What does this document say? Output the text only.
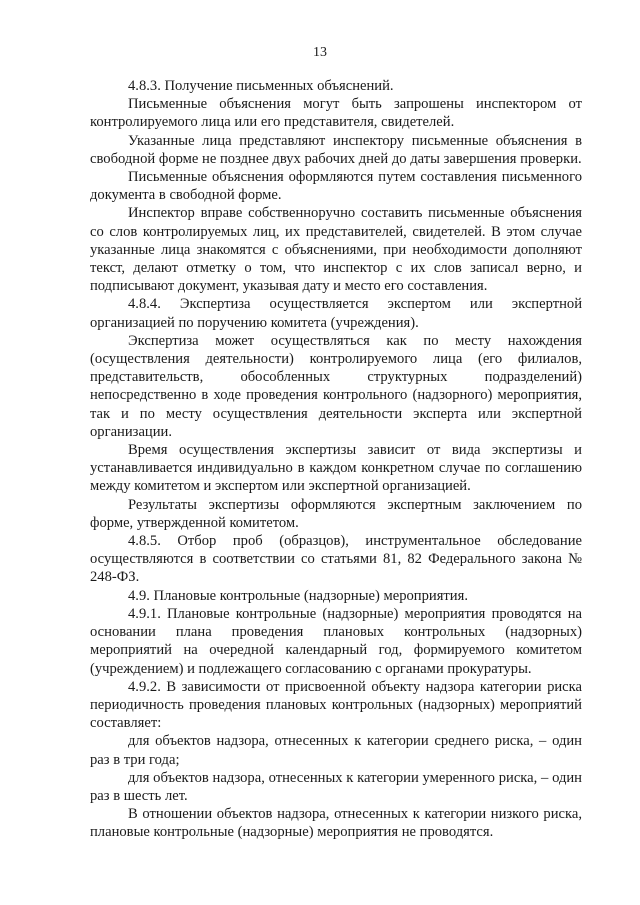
13

4.8.3. Получение письменных объяснений.

Письменные объяснения могут быть запрошены инспектором от контролируемого лица или его представителя, свидетелей.

Указанные лица представляют инспектору письменные объяснения в свободной форме не позднее двух рабочих дней до даты завершения проверки.

Письменные объяснения оформляются путем составления письменного документа в свободной форме.

Инспектор вправе собственноручно составить письменные объяснения со слов контролируемых лиц, их представителей, свидетелей. В этом случае указанные лица знакомятся с объяснениями, при необходимости дополняют текст, делают отметку о том, что инспектор с их слов записал верно, и подписывают документ, указывая дату и место его составления.

4.8.4. Экспертиза осуществляется экспертом или экспертной организацией по поручению комитета (учреждения).

Экспертиза может осуществляться как по месту нахождения (осуществления деятельности) контролируемого лица (его филиалов, представительств, обособленных структурных подразделений) непосредственно в ходе проведения контрольного (надзорного) мероприятия, так и по месту осуществления деятельности эксперта или экспертной организации.

Время осуществления экспертизы зависит от вида экспертизы и устанавливается индивидуально в каждом конкретном случае по соглашению между комитетом и экспертом или экспертной организацией.

Результаты экспертизы оформляются экспертным заключением по форме, утвержденной комитетом.

4.8.5. Отбор проб (образцов), инструментальное обследование осуществляются в соответствии со статьями 81, 82 Федерального закона № 248-ФЗ.

4.9. Плановые контрольные (надзорные) мероприятия.

4.9.1. Плановые контрольные (надзорные) мероприятия проводятся на основании плана проведения плановых контрольных (надзорных) мероприятий на очередной календарный год, формируемого комитетом (учреждением) и подлежащего согласованию с органами прокуратуры.

4.9.2. В зависимости от присвоенной объекту надзора категории риска периодичность проведения плановых контрольных (надзорных) мероприятий составляет:

для объектов надзора, отнесенных к категории среднего риска, – один раз в три года;

для объектов надзора, отнесенных к категории умеренного риска, – один раз в шесть лет.

В отношении объектов надзора, отнесенных к категории низкого риска, плановые контрольные (надзорные) мероприятия не проводятся.
